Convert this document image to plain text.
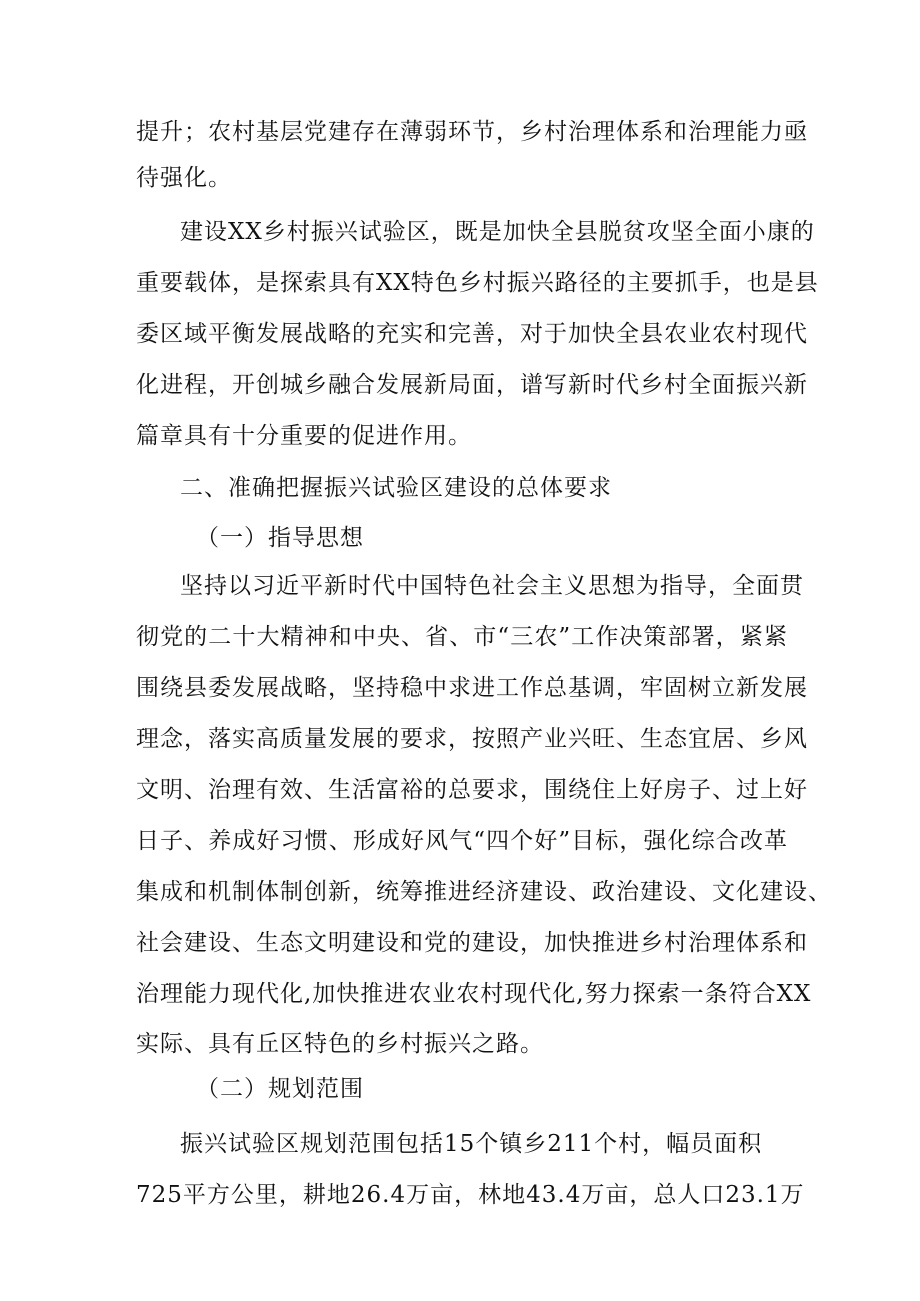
提升；农村基层党建存在薄弱环节，乡村治理体系和治理能力亟
待强化。
建设XX乡村振兴试验区，既是加快全县脱贫攻坚全面小康的
重要载体，是探索具有XX特色乡村振兴路径的主要抓手，也是县
委区域平衡发展战略的充实和完善，对于加快全县农业农村现代
化进程，开创城乡融合发展新局面，谱写新时代乡村全面振兴新
篇章具有十分重要的促进作用。
二、准确把握振兴试验区建设的总体要求
（一）指导思想
坚持以习近平新时代中国特色社会主义思想为指导，全面贯
彻党的二十大精神和中央、省、市“三农”工作决策部署，紧紧
围绕县委发展战略，坚持稳中求进工作总基调，牢固树立新发展
理念，落实高质量发展的要求，按照产业兴旺、生态宜居、乡风
文明、治理有效、生活富裕的总要求，围绕住上好房子、过上好
日子、养成好习惯、形成好风气“四个好”目标，强化综合改革
集成和机制体制创新，统筹推进经济建设、政治建设、文化建设、
社会建设、生态文明建设和党的建设，加快推进乡村治理体系和
治理能力现代化,加快推进农业农村现代化,努力探索一条符合XX
实际、具有丘区特色的乡村振兴之路。
（二）规划范围
振兴试验区规划范围包括15个镇乡211个村，幅员面积
725平方公里，耕地26.4万亩，林地43.4万亩，总人口23.1万
